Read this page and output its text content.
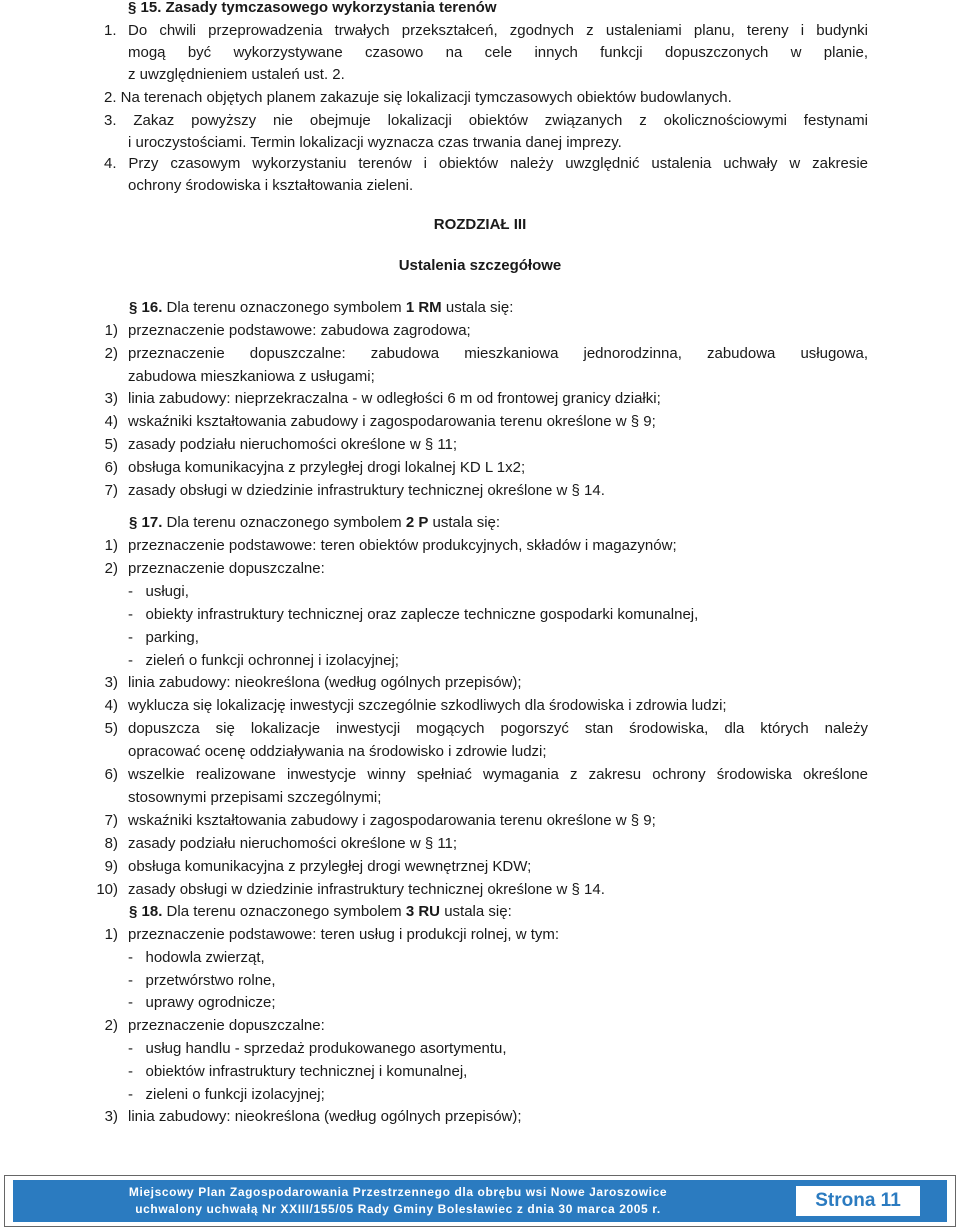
§ 15. Zasady tymczasowego wykorzystania terenów
1. Do chwili przeprowadzenia trwałych przekształceń, zgodnych z ustaleniami planu, tereny i budynki
mogą być wykorzystywane czasowo na cele innych funkcji dopuszczonych w planie,
z uwzględnieniem ustaleń ust. 2.
2. Na terenach objętych planem zakazuje się lokalizacji tymczasowych obiektów budowlanych.
3. Zakaz powyższy nie obejmuje lokalizacji obiektów związanych z okolicznościowymi festynami
i uroczystościami. Termin lokalizacji wyznacza czas trwania danej imprezy.
4. Przy czasowym wykorzystaniu terenów i obiektów należy uwzględnić ustalenia uchwały w zakresie
ochrony środowiska i kształtowania zieleni.
ROZDZIAŁ III
Ustalenia szczegółowe
§ 16. Dla terenu oznaczonego symbolem 1 RM ustala się:
1) przeznaczenie podstawowe: zabudowa zagrodowa;
2) przeznaczenie dopuszczalne: zabudowa mieszkaniowa jednorodzinna, zabudowa usługowa,
zabudowa mieszkaniowa z usługami;
3) linia zabudowy: nieprzekraczalna - w odległości 6 m od frontowej granicy działki;
4) wskaźniki kształtowania zabudowy i zagospodarowania terenu określone w § 9;
5) zasady podziału nieruchomości określone w § 11;
6) obsługa komunikacyjna z przyległej drogi lokalnej KD L 1x2;
7) zasady obsługi w dziedzinie infrastruktury technicznej określone w § 14.
§ 17. Dla terenu oznaczonego symbolem 2 P ustala się:
1) przeznaczenie podstawowe: teren obiektów produkcyjnych, składów i magazynów;
2) przeznaczenie dopuszczalne:
-   usługi,
-   obiekty infrastruktury technicznej oraz zaplecze techniczne gospodarki komunalnej,
-   parking,
-   zieleń o funkcji ochronnej i izolacyjnej;
3) linia zabudowy: nieokreślona (według ogólnych przepisów);
4) wyklucza się lokalizację inwestycji szczególnie szkodliwych dla środowiska i zdrowia ludzi;
5) dopuszcza się lokalizacje inwestycji mogących pogorszyć stan środowiska, dla których należy
opracować ocenę oddziaływania na środowisko i zdrowie ludzi;
6) wszelkie realizowane inwestycje winny spełniać wymagania z zakresu ochrony środowiska określone
stosownymi przepisami szczególnymi;
7) wskaźniki kształtowania zabudowy i zagospodarowania terenu określone w § 9;
8) zasady podziału nieruchomości określone w § 11;
9) obsługa komunikacyjna z przyległej drogi wewnętrznej KDW;
10) zasady obsługi w dziedzinie infrastruktury technicznej określone w § 14.
§ 18. Dla terenu oznaczonego symbolem 3 RU ustala się:
1) przeznaczenie podstawowe: teren usług i produkcji rolnej, w tym:
-   hodowla zwierząt,
-   przetwórstwo rolne,
-   uprawy ogrodnicze;
2) przeznaczenie dopuszczalne:
-   usług handlu - sprzedaż produkowanego asortymentu,
-   obiektów infrastruktury technicznej i komunalnej,
-   zieleni o funkcji izolacyjnej;
3) linia zabudowy: nieokreślona (według ogólnych przepisów);
Miejscowy Plan Zagospodarowania Przestrzennego dla obrębu wsi Nowe Jaroszowice
uchwalony uchwałą Nr XXIII/155/05 Rady Gminy Bolesławiec z dnia 30 marca 2005 r.	Strona 11
